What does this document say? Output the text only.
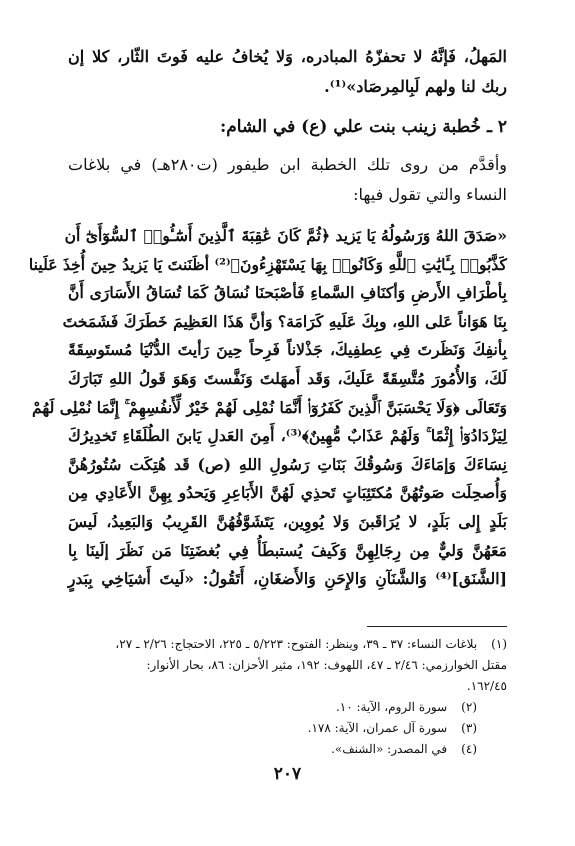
المَهلُ، فَإنَّهُ لا تحفزّهُ المبادره، وَلا يُخافُ عليه فَوتَ الثّار، كلا إن
ربك لنا ولهم لَبِالمِرصَاد»⁽¹⁾.
٢ ـ خُطبة زينب بنت علي (ع) في الشام:
وأقدَّم من روى تلك الخطبة ابن طيفور (ت٢٨٠هـ) في بلاغات
النساء والتي تقول فيها:
«صَدَقَ اللهُ وَرَسُولُهُ يَا يَزيد ﴿ثُمَّ كَانَ عَٰقِبَةَ ٱلَّذِينَ أَسَٰٓـُٔوا۟ ٱلسُّوٓأَىٰٓ أَن
كَذَّبُوا۟ بِـَٔايَٰتِ ٱللَّهِ وَكَانُوا۟ بِهَا يَسْتَهْزِءُونَ﴾⁽²⁾ أظَنَنتَ يَا يَزيدُ حِينَ أُخِذَ عَلَينا
بِأطْرَافِ الأَرضِ وَأكنَافِ السَّماءِ فَأصْبَحنَا نُسَاقُ كَمَا تُسَاقُ الأَسَارَى أَنَّ
بِنَا هَوَاناً عَلى اللهِ، وبِكَ عَلَيهِ كَرَامَة؟ وَأنَّ هَذَا العَظِيمَ خَطَرَكَ فَشَمَختَ
بِأنفِكَ وَنَظَرتَ فِي عِطفِيكَ، جَذْلاناً فَرِحاً حِينَ رَأيتَ الدُّنْيَا مُستَوسِقَةً
لَكَ، وَالأُمُورَ مُتَّسِقَةً عَلَيكَ، وَقَد أَمهَلتَ وَنَفَّستَ وَهَوَ قَولُ اللهِ تَبَارَكَ
وَتَعَالَى ﴿وَلَا يَحْسَبَنَّ ٱلَّذِينَ كَفَرُوٓا۟ أَنَّمَا نُمْلِى لَهُمْ خَيْرٌ لِّأَنفُسِهِمْ ۚ إِنَّمَا نُمْلِى لَهُمْ
لِيَزْدَادُوٓا۟ إِثْمًا ۚ وَلَهُمْ عَذَابٌ مُّهِينٌ﴾⁽³⁾، أَمِنَ العَدلِ يَابنَ الطُلَقَاءِ تَخدِيرُكَ
نِسَاءَكَ وَإمَاءَكَ وَسُوقُكَ بَنَاتِ رَسُولِ اللهِ (ص) قَد هُتِكَت سُتُورُهُنَّ
وَأُصحِلَت صَوتُهُنَّ مُكتَئِبَاتٍ تَحذِي لَهُنَّ الأَبَاعِرِ وَيَحدُو بِهِنَّ الأَعَادِي مِن
بَلَدٍ إِلى بَلَدٍ، لا يُرَاقَبنَ وَلا يُووِين، يَتَشَوَّفُهُنَّ القَرِيبُ وَالبَعِيدُ، لَيسَ
مَعَهُنَّ وَليٌّ مِن رِجَالِهِنَّ وَكَيفَ يُستبطَأُ فِي بُغضَتِنَا مَن نَظَرَ إلَينَا بِا
[الشَّنَق]⁽⁴⁾ وَالشَّنَآنِ وَالإِحَنِ وَالأَضغَانِ، أَتَقُولُ: «لَيتَ أَشيَاخِي بِبَدرٍ
(١) بلاغات النساء: ٣٧ ـ ٣٩، وينظر: الفتوح: ٥/٢٢٣ ـ ٢٢٥، الاحتجاج: ٢/٢٦ ـ ٢٧،
مقتل الخوارزمي: ٢/٤٦ ـ ٤٧، اللهوف: ١٩٢، مثير الأحزان: ٨٦، بحار الأنوار:
١٦٢/٤٥.
(٢) سورة الروم، الآية: ١٠.
(٣) سورة آل عمران، الآية: ١٧٨.
(٤) في المصدر: «الشنف».
٢٠٧
